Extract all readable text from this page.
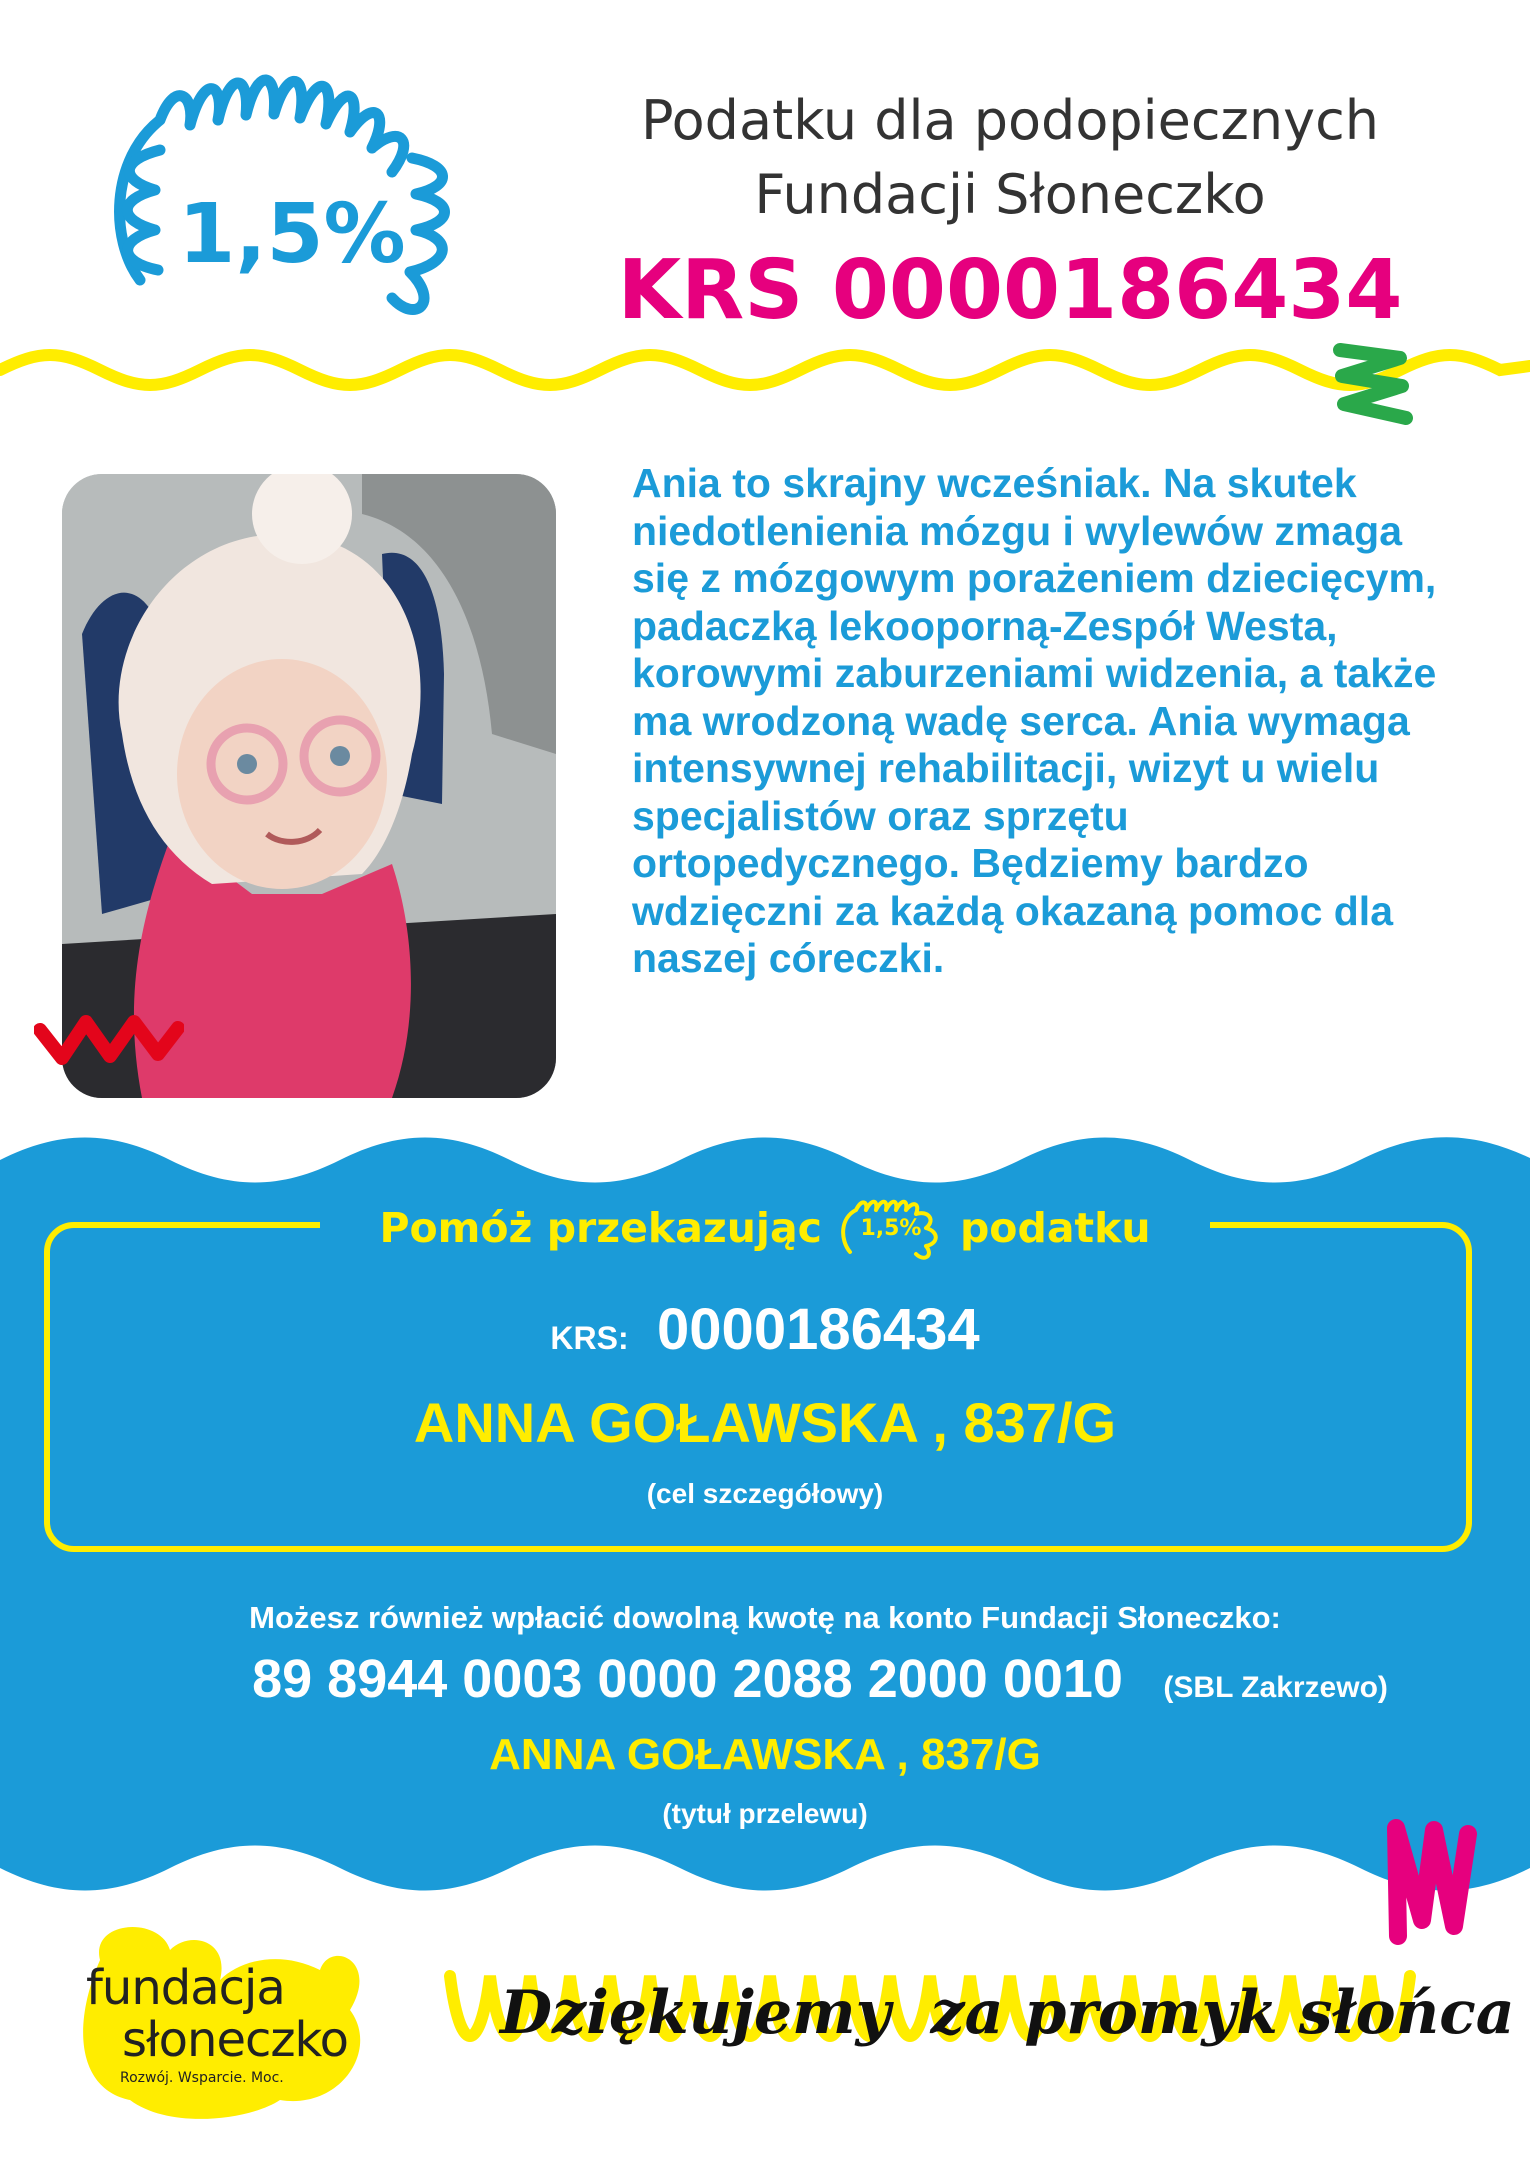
1,5%
Podatku dla podopiecznych
Fundacji Słoneczko
KRS 0000186434

Ania to skrajny wcześniak. Na skutek niedotlenienia mózgu i wylewów zmaga się z mózgowym porażeniem dziecięcym, padaczką lekooporną-Zespół Westa, korowymi zaburzeniami widzenia, a także ma wrodzoną wadę serca. Ania wymaga intensywnej rehabilitacji, wizyt u wielu specjalistów oraz sprzętu ortopedycznego. Będziemy bardzo wdzięczni za każdą okazaną pomoc dla naszej córeczki.

Pomóż przekazując	1,5% podatku
KRS: 0000186434
ANNA GOŁAWSKA , 837/G
(cel szczegółowy)
Możesz również wpłacić dowolną kwotę na konto Fundacji Słoneczko:
89 8944 0003 0000 2088 2000 0010 (SBL Zakrzewo)
ANNA GOŁAWSKA , 837/G
(tytuł przelewu)
fundacja
słoneczko
Rozwój. Wsparcie. Moc.
Dziękujemy za promyk słońca
